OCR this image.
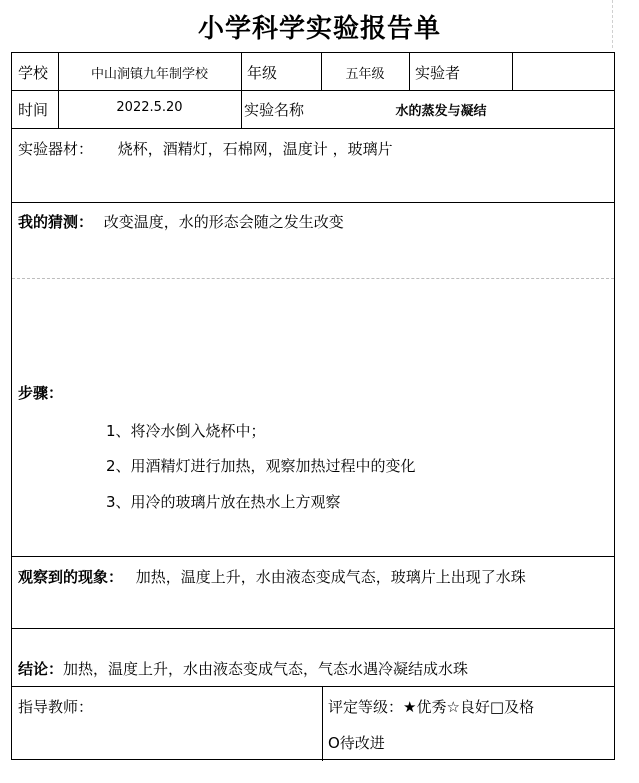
小学科学实验报告单
学校	中山涧镇九年制学校	年级	五年级	实验者
时间	2022.5.20	实验名称	水的蒸发与凝结
实验器材： 烧杯，酒精灯，石棉网，温度计 ，玻璃片
我的猜测： 改变温度，水的形态会随之发生改变
步骤：
1、将冷水倒入烧杯中；
2、用酒精灯进行加热，观察加热过程中的变化
3、用冷的玻璃片放在热水上方观察
观察到的现象： 加热，温度上升，水由液态变成气态，玻璃片上出现了水珠
结论：加热，温度上升，水由液态变成气态，气态水遇冷凝结成水珠
指导教师：	评定等级：★优秀☆良好□及格
O待改进
